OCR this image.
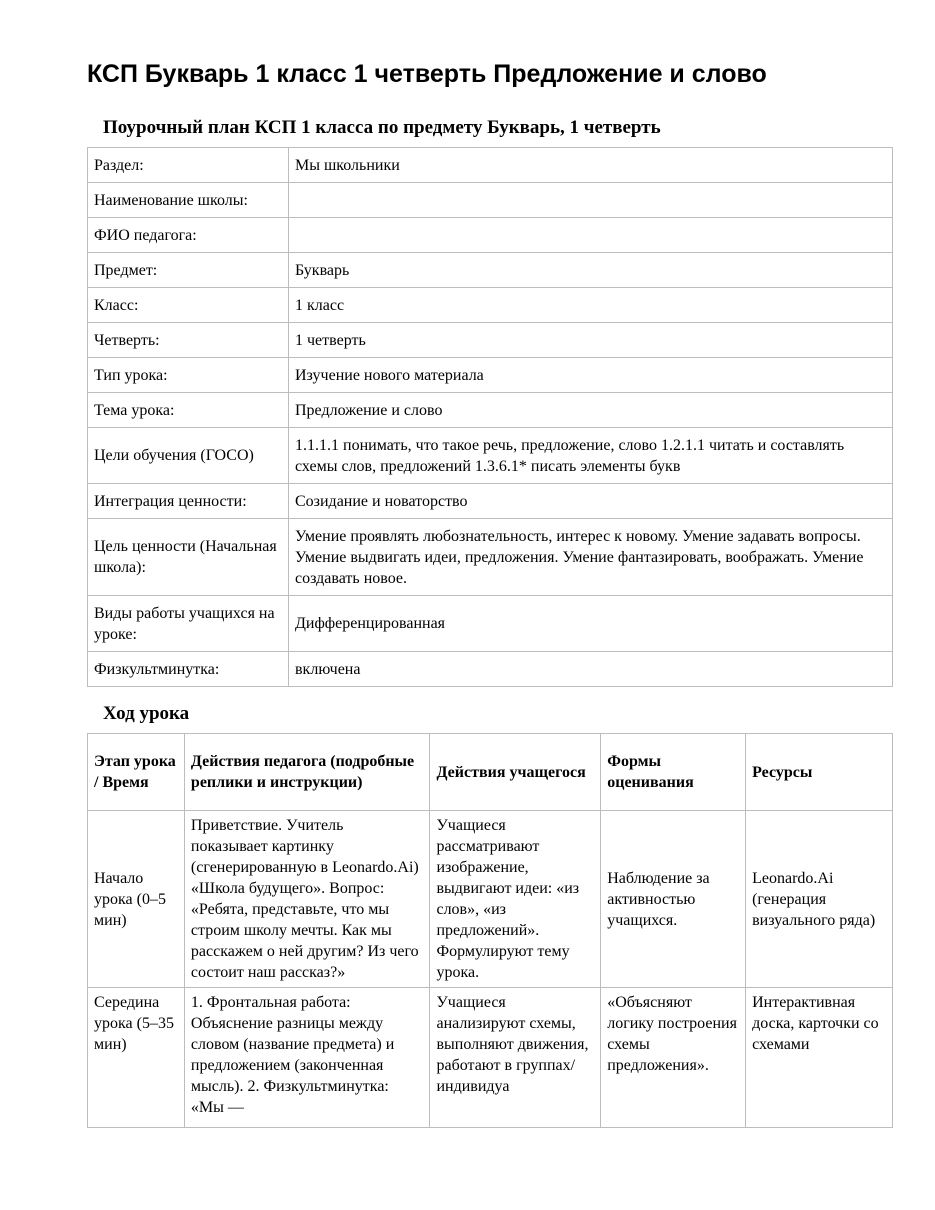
КСП Букварь 1 класс 1 четверть Предложение и слово
Поурочный план КСП 1 класса по предмету Букварь, 1 четверть
Раздел:	Мы школьники
Наименование школы:	
ФИО педагога:	
Предмет:	Букварь
Класс:	1 класс
Четверть:	1 четверть
Тип урока:	Изучение нового материала
Тема урока:	Предложение и слово
Цели обучения (ГОСО)	1.1.1.1 понимать, что такое речь, предложение, слово 1.2.1.1 читать и составлять схемы слов, предложений 1.3.6.1* писать элементы букв
Интеграция ценности:	Созидание и новаторство
Цель ценности (Начальная школа):	Умение проявлять любознательность, интерес к новому. Умение задавать вопросы. Умение выдвигать идеи, предложения. Умение фантазировать, воображать. Умение создавать новое.
Виды работы учащихся на уроке:	Дифференцированная
Физкультминутка:	включена
Ход урока
Этап урока / Время	Действия педагога (подробные реплики и инструкции)	Действия учащегося	Формы оценивания	Ресурсы
Начало урока (0–5 мин)	Приветствие. Учитель показывает картинку (сгенерированную в Leonardo.Ai) «Школа будущего». Вопрос: «Ребята, представьте, что мы строим школу мечты. Как мы расскажем о ней другим? Из чего состоит наш рассказ?»	Учащиеся рассматривают изображение, выдвигают идеи: «из слов», «из предложений». Формулируют тему урока.	Наблюдение за активностью учащихся.	Leonardo.Ai (генерация визуального ряда)
Середина урока (5–35 мин)	1. Фронтальная работа: Объяснение разницы между словом (название предмета) и предложением (законченная мысль). 2. Физкультминутка: «Мы —	Учащиеся анализируют схемы, выполняют движения, работают в группах/индивидуа	«Объясняют логику построения схемы предложения».	Интерактивная доска, карточки со схемами
